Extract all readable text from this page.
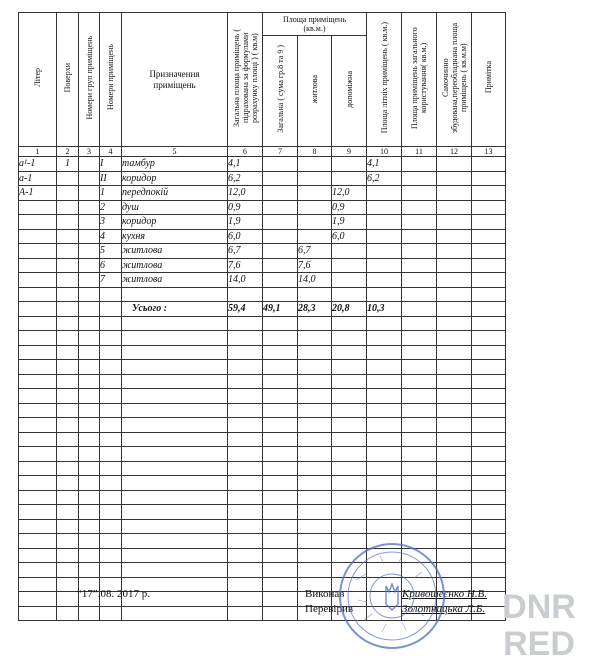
Літер	Поверхи	Номери груп приміщень	Номери приміщень	Призначення приміщень	Загальна площа приміщень ( підрахована за формулами розрахунку площі ) ( кв.м)	Площа приміщень (кв.м.)			Площа літніх приміщень ( кв.м.)	Площа приміщень загального користування( кв.м.)	Самочинно збудована,переобладнана площа приміщень ( кв.м.м)	Примітка

						Загальна ( сума гр.8 та 9 )	житлова	допоміжна				

1	2	3	4	5	6	7	8	9	10	11	12	13
а¹-1	1		І	тамбур	4,1				4,1			
а-1			ІІ	коридор	6,2				6,2			
А-1			1	передпокій	12,0			12,0				
			2	душ	0,9			0,9				
			3	коридор	1,9			1,9				
			4	кухня	6,0			6,0				
			5	житлова	6,7		6,7					
			6	житлова	7,6		7,6					
			7	житлова	14,0		14,0					

				Усього :	59,4	49,1	28,3	20,8	10,3			

“17”.08. 2017 р.	Виконав
Перевірив
Кривошеєнко Н.В.
Золотницька Л.Б. DNR
RED
